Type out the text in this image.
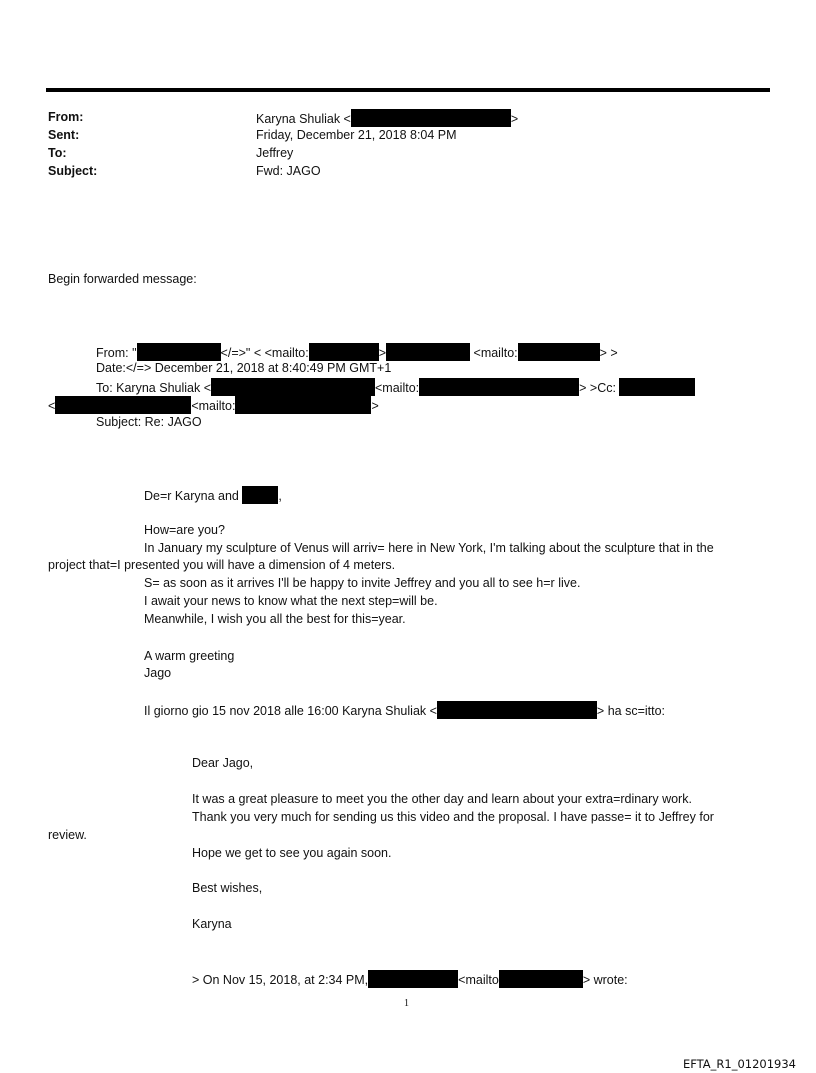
From:	Karyna Shuliak <	>
Sent:	Friday, December 21, 2018 8:04 PM
To:	Jeffrey
Subject:	Fwd: JAGO
Begin forwarded message:
From: "	</=>" < <mailto:	>	<mailto:	> >
Date:</=> December 21, 2018 at 8:40:49 PM GMT+1
To: Karyna Shuliak <	<mailto:	> >Cc:
<	<mailto:	>
Subject: Re: JAGO
De=r Karyna and	,
How=are you?
In January my sculpture of Venus will arriv= here in New York, I'm talking about the sculpture that in the
project that=I presented you will have a dimension of 4 meters.
S= as soon as it arrives I'll be happy to invite Jeffrey and you all to see h=r live.
I await your news to know what the next step=will be.
Meanwhile, I wish you all the best for this=year.
A warm greeting
Jago
Il giorno gio 15 nov 2018 alle 16:00 Karyna Shuliak <	> ha sc=itto:
Dear Jago,
It was a great pleasure to meet you the other day and learn about your extra=rdinary work.
Thank you very much for sending us this video and the proposal. I have passe= it to Jeffrey for
review.
Hope we get to see you again soon.
Best wishes,
Karyna
> On Nov 15, 2018, at 2:34 PM,	<mailto	> wrote:
1
EFTA_R1_01201934
